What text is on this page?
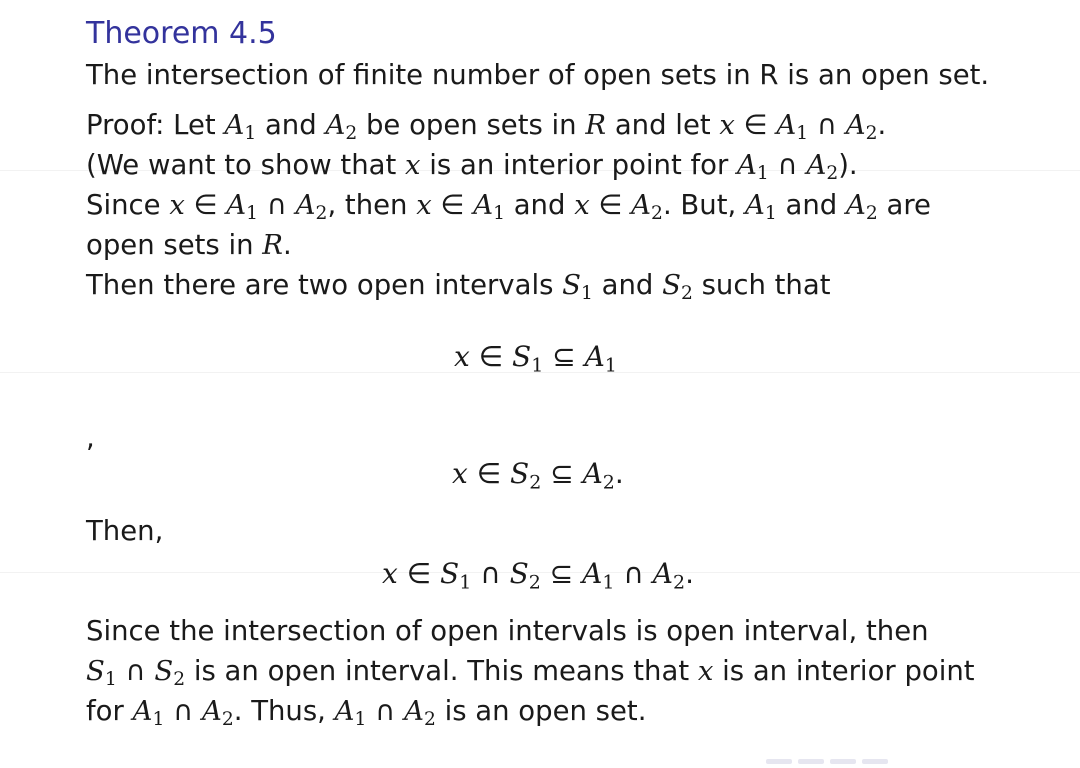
Theorem 4.5
The intersection of finite number of open sets in R is an open set.
Proof: Let $A_1$ and $A_2$ be open sets in R and let x ∈ $A_1$ ∩ $A_2$.
(We want to show that x is an interior point for $A_1$ ∩ $A_2$).
Since x ∈ $A_1$ ∩ $A_2$, then x ∈ $A_1$ and x ∈ $A_2$. But, $A_1$ and $A_2$ are
open sets in R.
Then there are two open intervals $S_1$ and $S_2$ such that
x ∈ $S_1$ ⊆ $A_1$
,
x ∈ $S_2$ ⊆ $A_2$.
Then,
x ∈ $S_1$ ∩ $S_2$ ⊆ $A_1$ ∩ $A_2$.
Since the intersection of open intervals is open interval, then
$S_1$ ∩ $S_2$ is an open interval. This means that x is an interior point
for $A_1$ ∩ $A_2$. Thus, $A_1$ ∩ $A_2$ is an open set.
